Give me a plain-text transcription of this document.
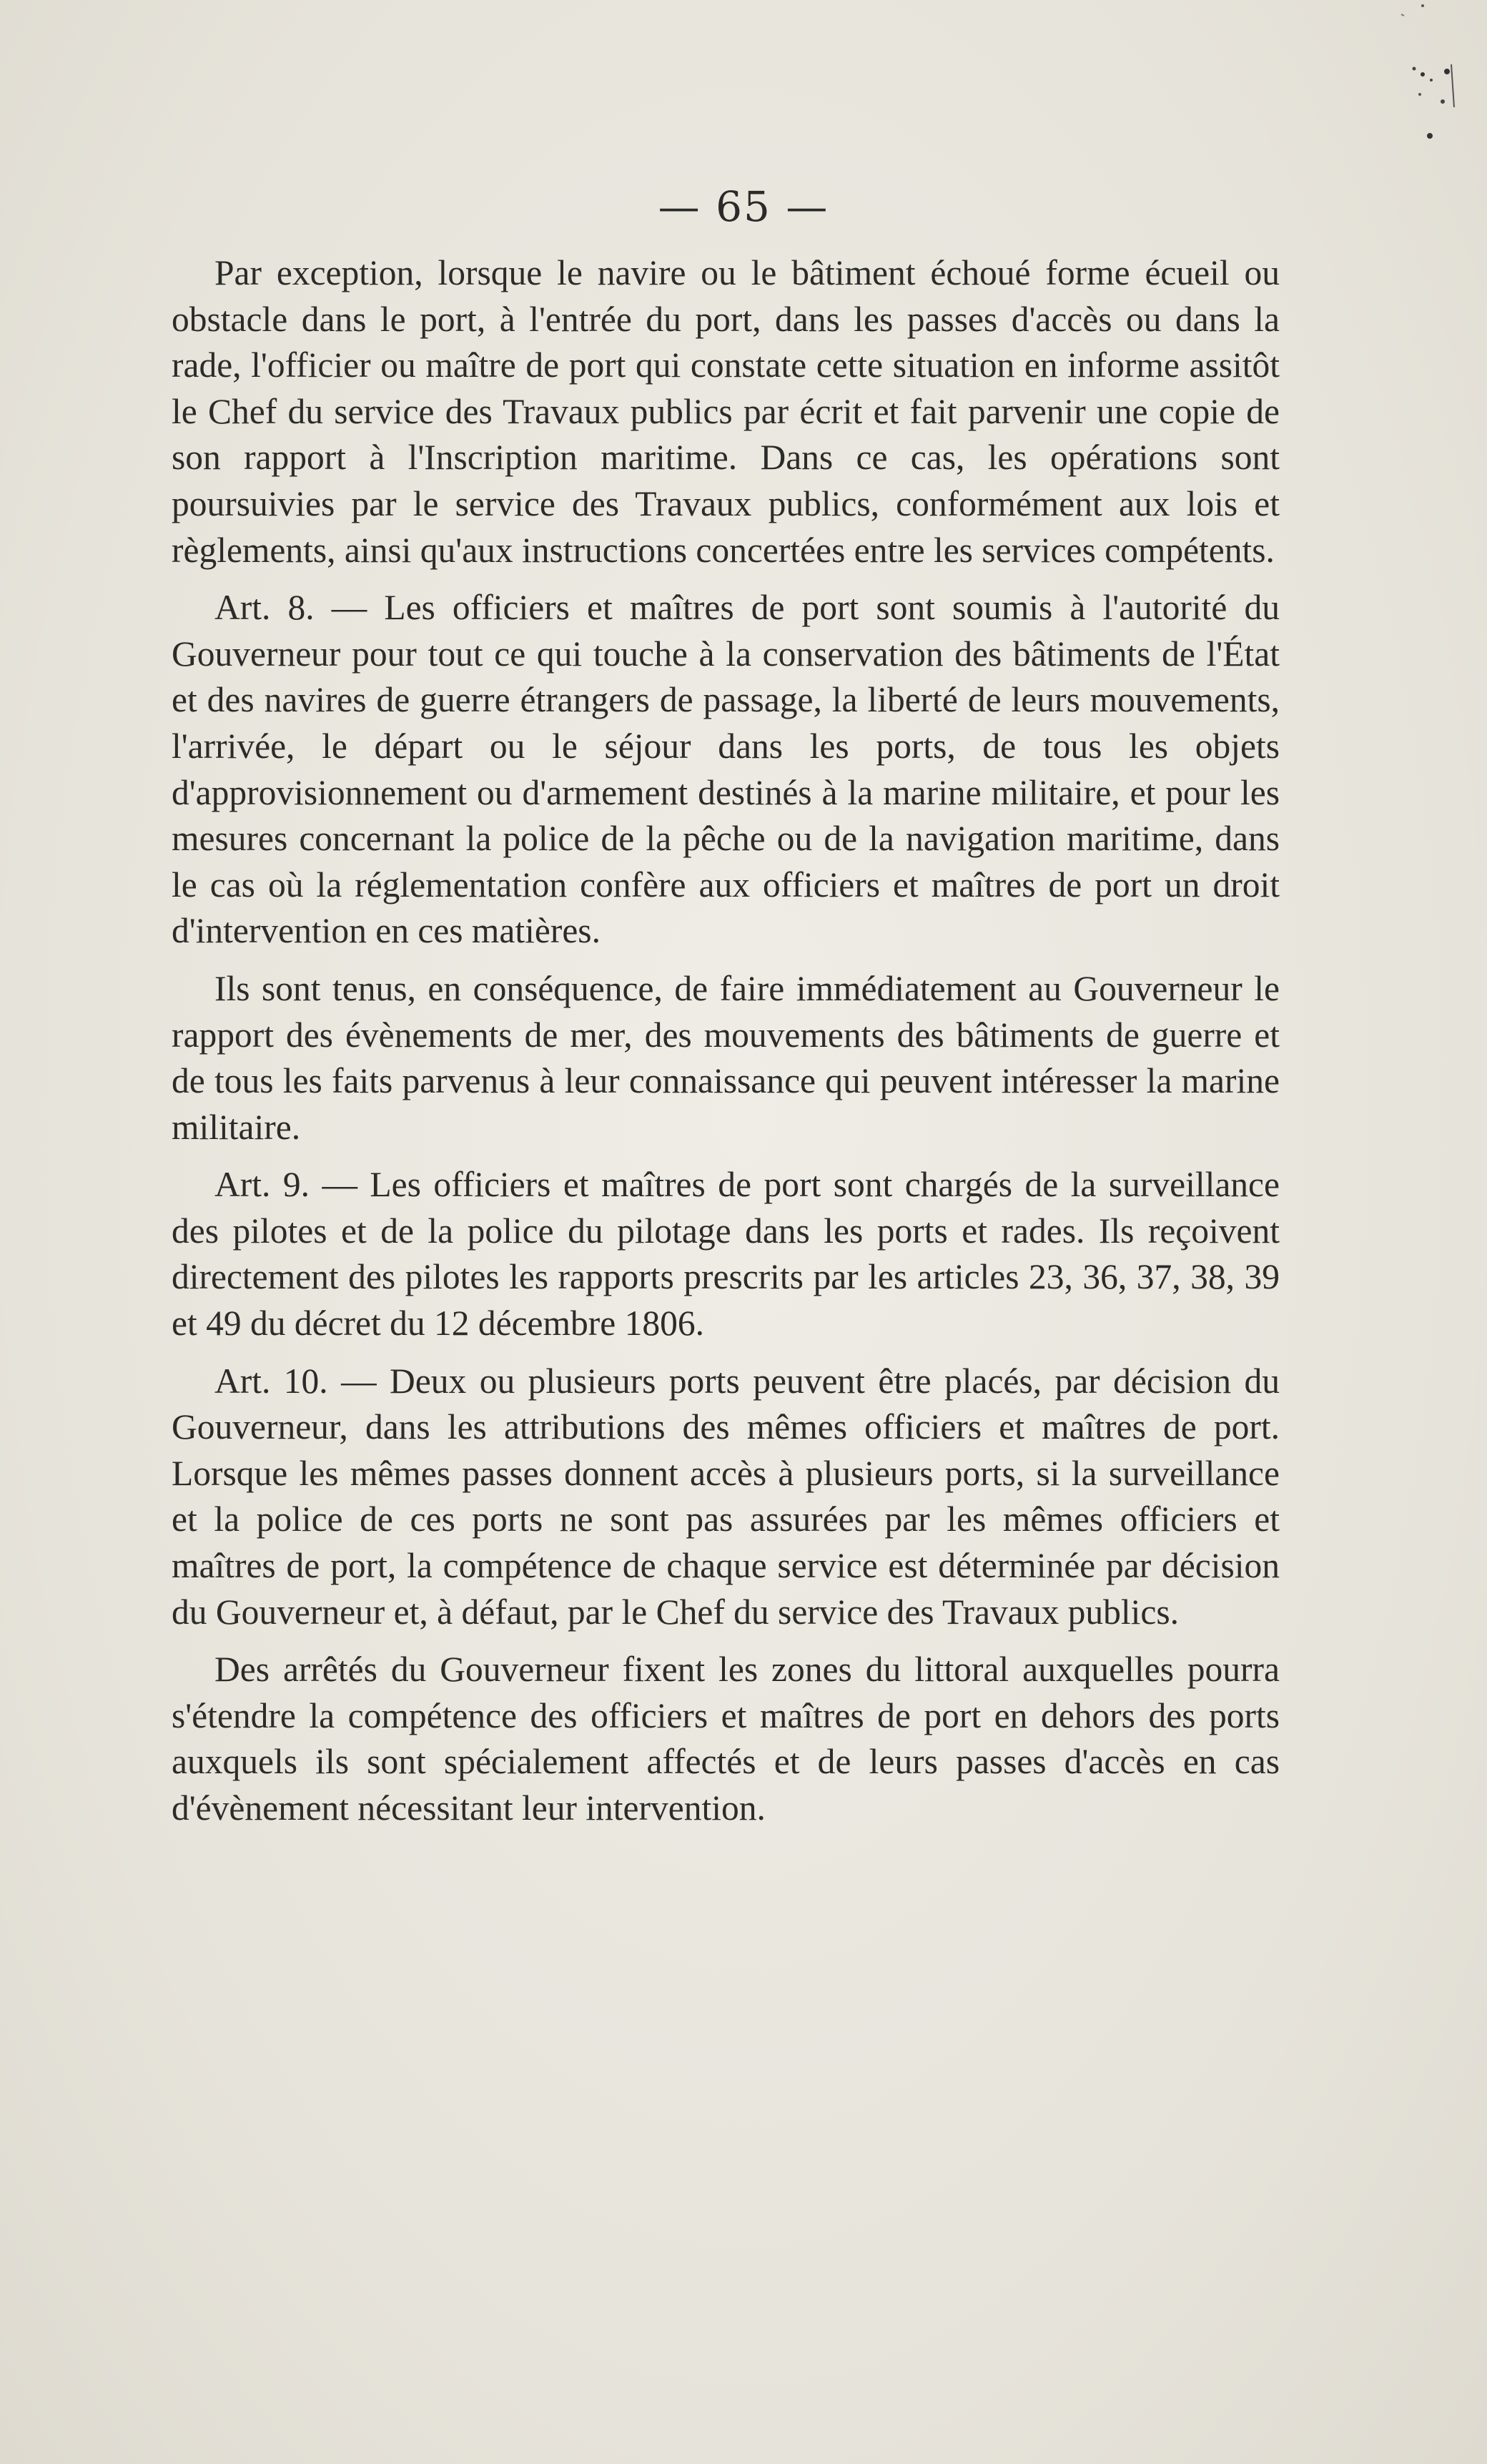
— 65 —

Par exception, lorsque le navire ou le bâtiment échoué forme écueil ou obstacle dans le port, à l'entrée du port, dans les passes d'accès ou dans la rade, l'officier ou maître de port qui constate cette situation en informe assitôt le Chef du service des Travaux publics par écrit et fait parvenir une copie de son rapport à l'Inscription maritime. Dans ce cas, les opérations sont poursuivies par le service des Travaux publics, conformément aux lois et règlements, ainsi qu'aux instructions concertées entre les services compétents.

Art. 8. — Les officiers et maîtres de port sont soumis à l'autorité du Gouverneur pour tout ce qui touche à la conservation des bâtiments de l'État et des navires de guerre étrangers de passage, la liberté de leurs mouvements, l'arrivée, le départ ou le séjour dans les ports, de tous les objets d'approvisionnement ou d'armement destinés à la marine militaire, et pour les mesures concernant la police de la pêche ou de la navigation maritime, dans le cas où la réglementation confère aux officiers et maîtres de port un droit d'intervention en ces matières.

Ils sont tenus, en conséquence, de faire immédiatement au Gouverneur le rapport des évènements de mer, des mouvements des bâtiments de guerre et de tous les faits parvenus à leur connaissance qui peuvent intéresser la marine militaire.

Art. 9. — Les officiers et maîtres de port sont chargés de la surveillance des pilotes et de la police du pilotage dans les ports et rades. Ils reçoivent directement des pilotes les rapports prescrits par les articles 23, 36, 37, 38, 39 et 49 du décret du 12 décembre 1806.

Art. 10. — Deux ou plusieurs ports peuvent être placés, par décision du Gouverneur, dans les attributions des mêmes officiers et maîtres de port. Lorsque les mêmes passes donnent accès à plusieurs ports, si la surveillance et la police de ces ports ne sont pas assurées par les mêmes officiers et maîtres de port, la compétence de chaque service est déterminée par décision du Gouverneur et, à défaut, par le Chef du service des Travaux publics.

Des arrêtés du Gouverneur fixent les zones du littoral auxquelles pourra s'étendre la compétence des officiers et maîtres de port en dehors des ports auxquels ils sont spécialement affectés et de leurs passes d'accès en cas d'évènement nécessitant leur intervention.
